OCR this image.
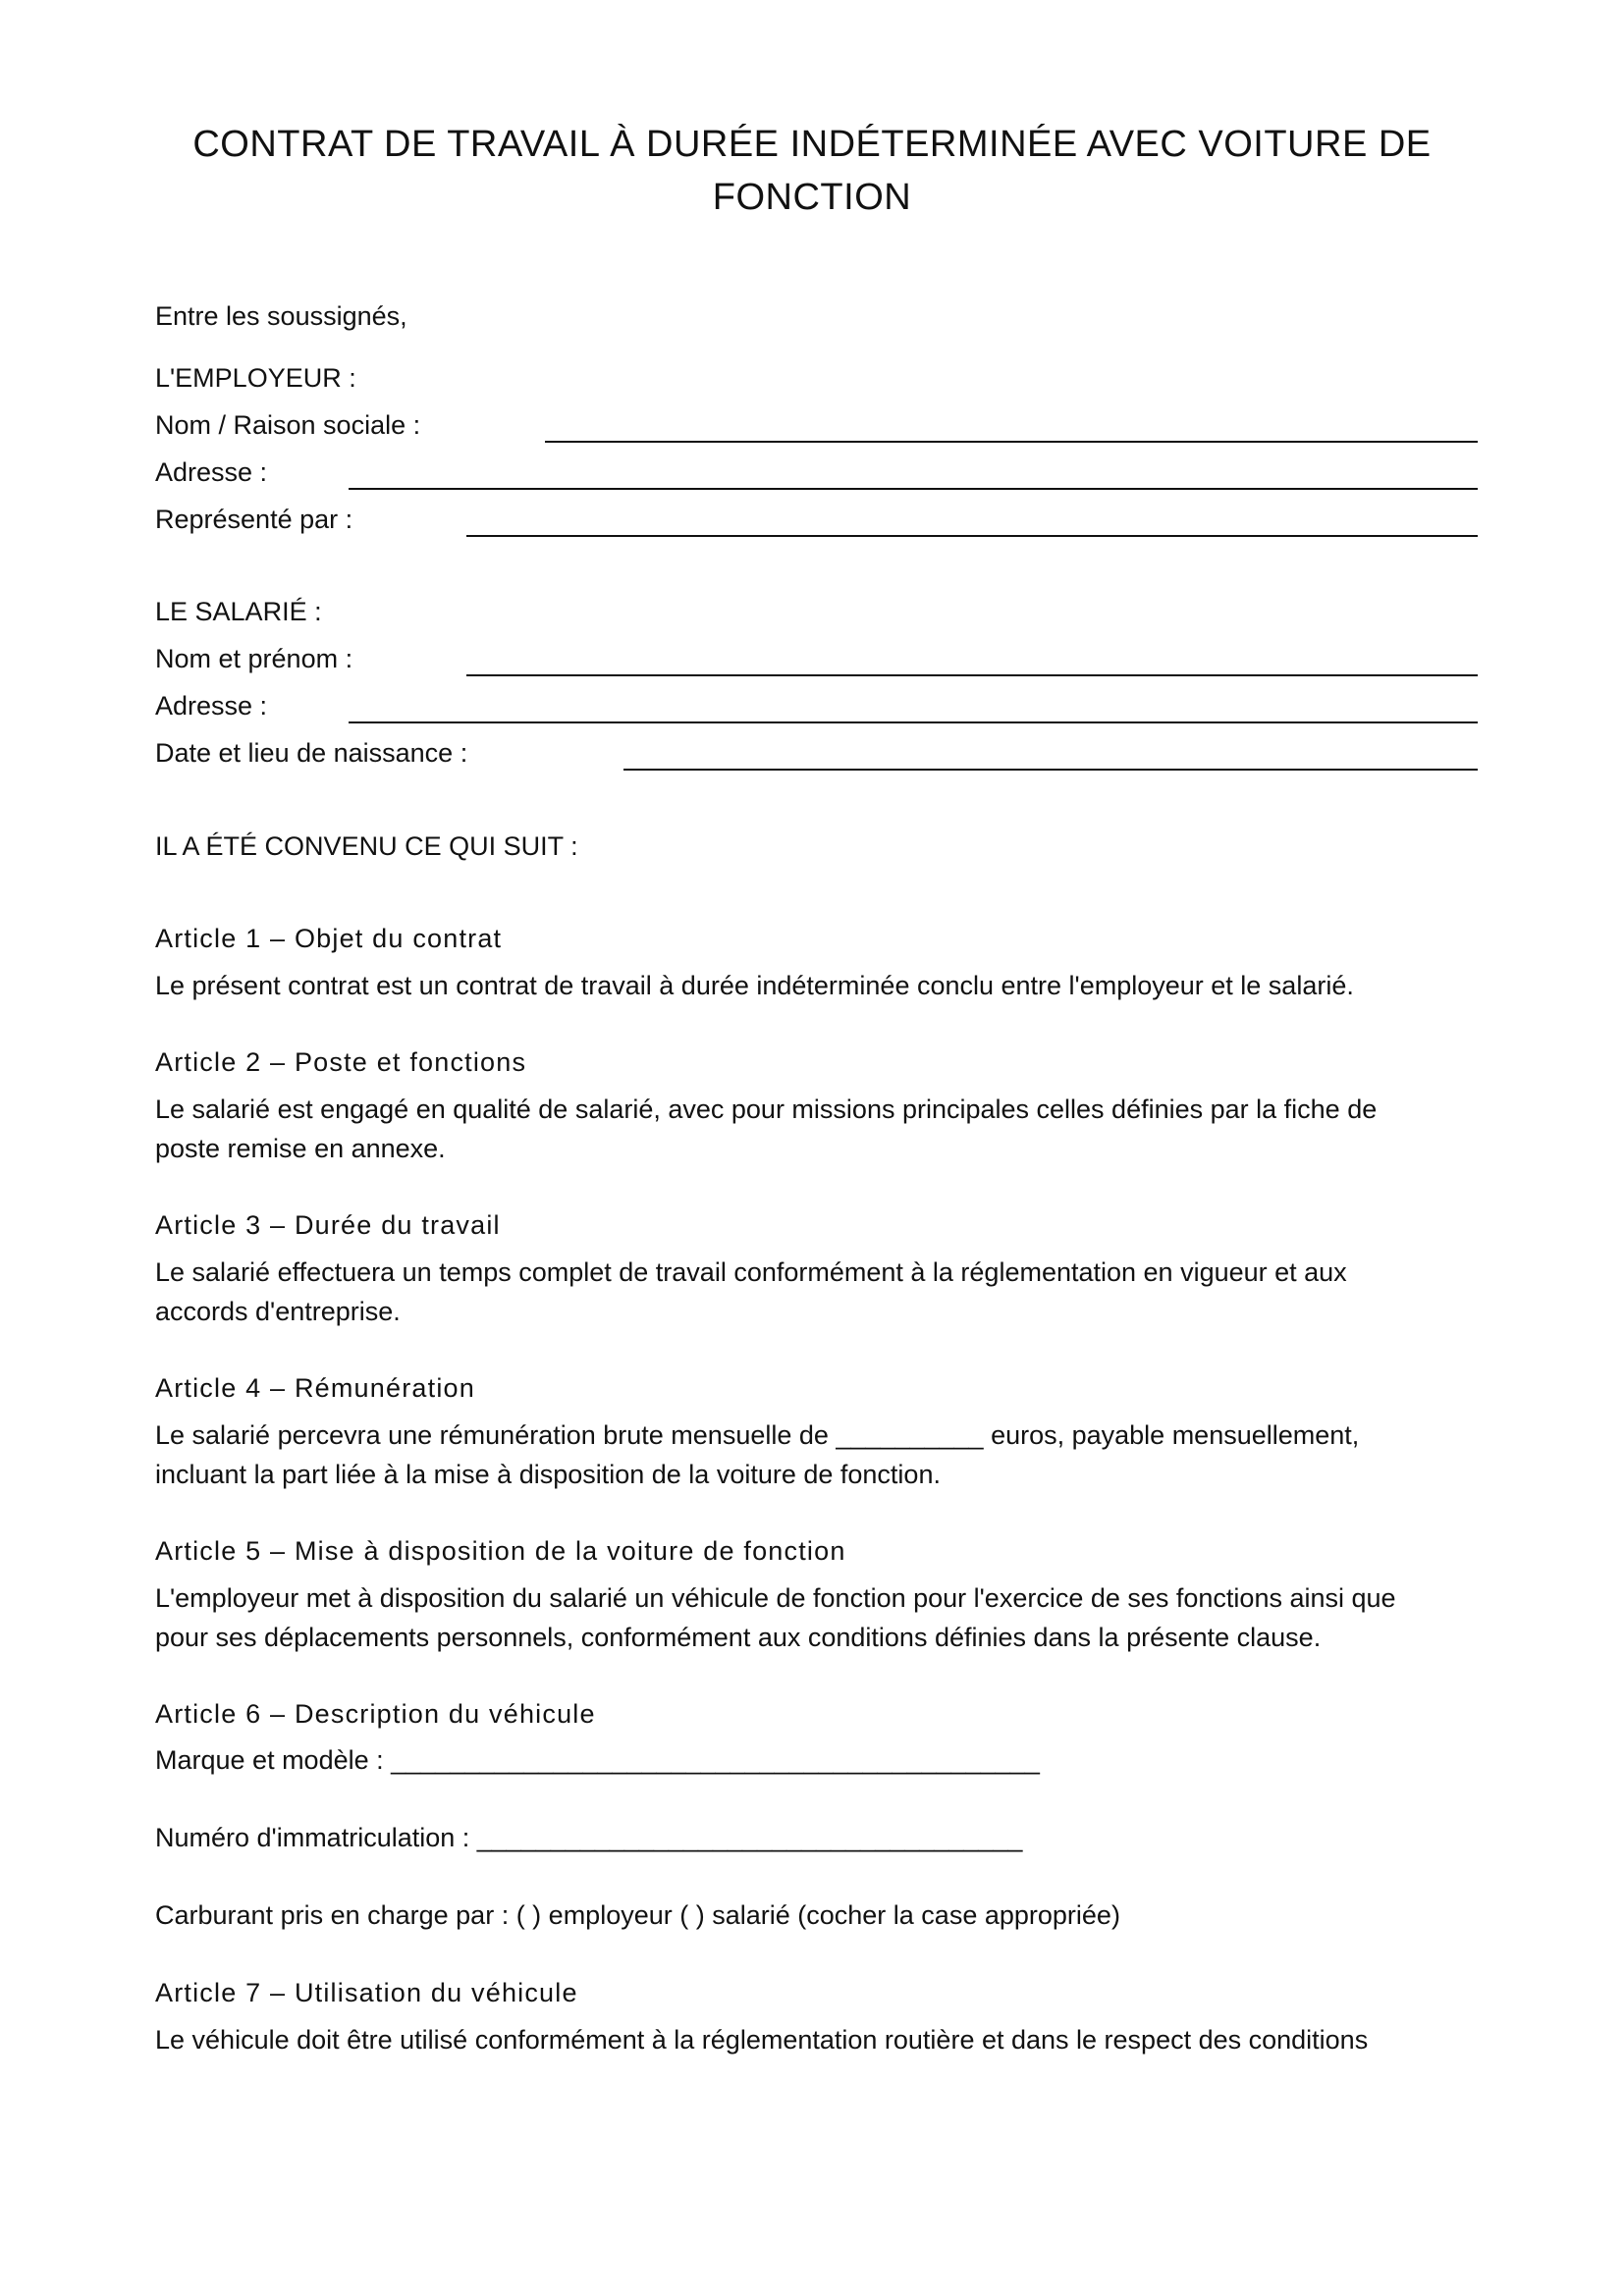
CONTRAT DE TRAVAIL À DURÉE INDÉTERMINÉE AVEC VOITURE DE
FONCTION
Entre les soussignés,
L'EMPLOYEUR :
Nom / Raison sociale :
Adresse :
Représenté par :
LE SALARIÉ :
Nom et prénom :
Adresse :
Date et lieu de naissance :
IL A ÉTÉ CONVENU CE QUI SUIT :
Article 1 – Objet du contrat
Le présent contrat est un contrat de travail à durée indéterminée conclu entre l'employeur et le salarié.
Article 2 – Poste et fonctions
Le salarié est engagé en qualité de salarié, avec pour missions principales celles définies par la fiche de
poste remise en annexe.
Article 3 – Durée du travail
Le salarié effectuera un temps complet de travail conformément à la réglementation en vigueur et aux
accords d'entreprise.
Article 4 – Rémunération
Le salarié percevra une rémunération brute mensuelle de __________ euros, payable mensuellement,
incluant la part liée à la mise à disposition de la voiture de fonction.
Article 5 – Mise à disposition de la voiture de fonction
L'employeur met à disposition du salarié un véhicule de fonction pour l'exercice de ses fonctions ainsi que
pour ses déplacements personnels, conformément aux conditions définies dans la présente clause.
Article 6 – Description du véhicule
Marque et modèle : ____________________________________________
Numéro d'immatriculation : _____________________________________
Carburant pris en charge par : ( ) employeur ( ) salarié (cocher la case appropriée)
Article 7 – Utilisation du véhicule
Le véhicule doit être utilisé conformément à la réglementation routière et dans le respect des conditions
